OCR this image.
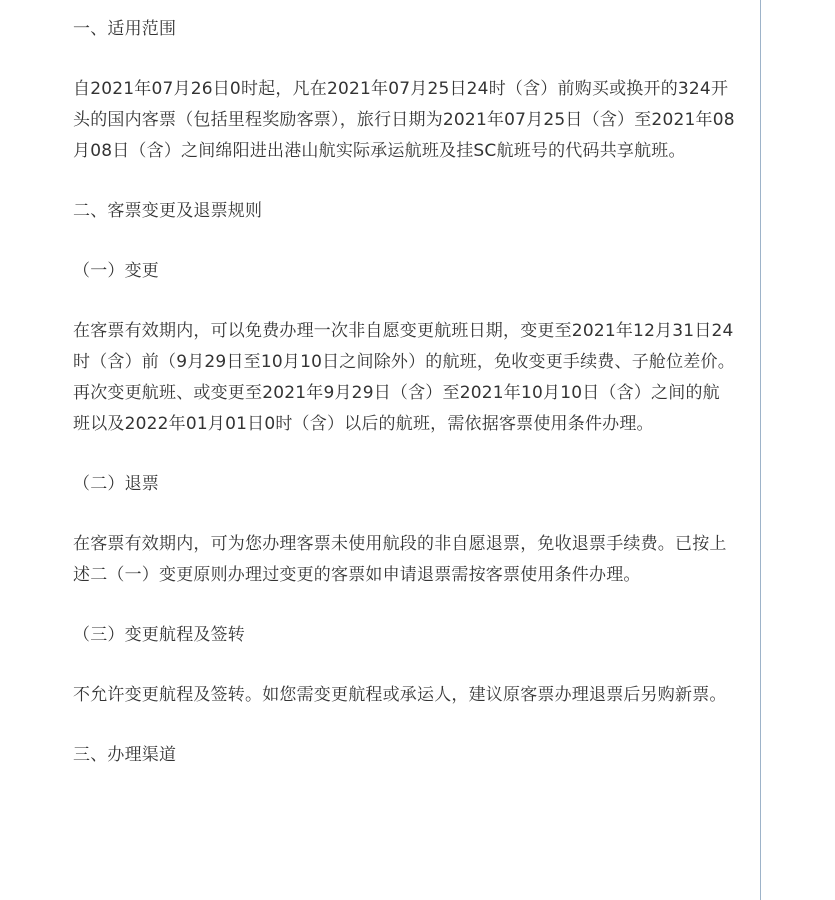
一、适用范围

自2021年07月26日0时起，凡在2021年07月25日24时（含）前购买或换开的324开头的国内客票（包括里程奖励客票），旅行日期为2021年07月25日（含）至2021年08月08日（含）之间绵阳进出港山航实际承运航班及挂SC航班号的代码共享航班。

二、客票变更及退票规则

（一）变更

在客票有效期内，可以免费办理一次非自愿变更航班日期，变更至2021年12月31日24时（含）前（9月29日至10月10日之间除外）的航班，免收变更手续费、子舱位差价。再次变更航班、或变更至2021年9月29日（含）至2021年10月10日（含）之间的航班以及2022年01月01日0时（含）以后的航班，需依据客票使用条件办理。

（二）退票

在客票有效期内，可为您办理客票未使用航段的非自愿退票，免收退票手续费。已按上述二（一）变更原则办理过变更的客票如申请退票需按客票使用条件办理。

（三）变更航程及签转

不允许变更航程及签转。如您需变更航程或承运人，建议原客票办理退票后另购新票。

三、办理渠道
